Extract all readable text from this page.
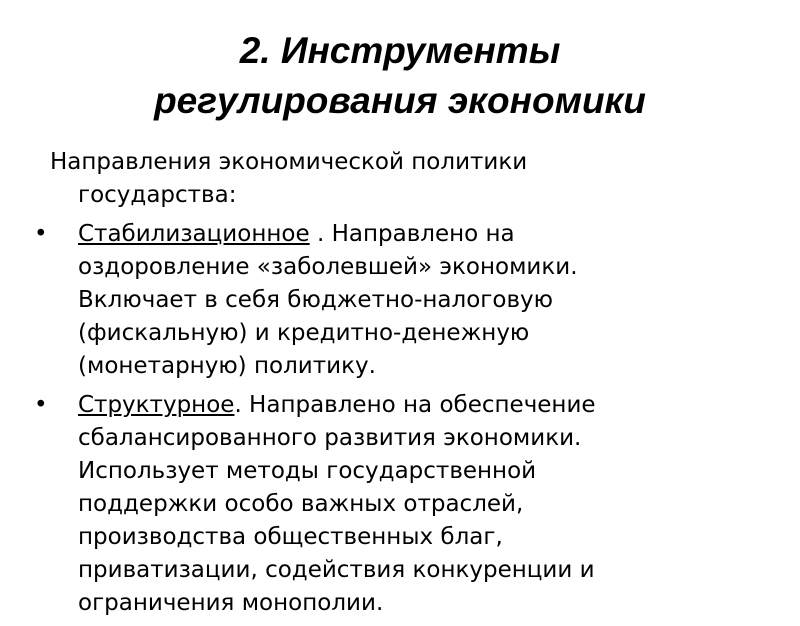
2. Инструменты
регулирования экономики
Направления экономической политики
государства:
• Стабилизационное . Направлено на
оздоровление «заболевшей» экономики.
Включает в себя бюджетно-налоговую
(фискальную) и кредитно-денежную
(монетарную) политику.
• Структурное. Направлено на обеспечение
сбалансированного развития экономики.
Использует методы государственной
поддержки особо важных отраслей,
производства общественных благ,
приватизации, содействия конкуренции и
ограничения монополии.
